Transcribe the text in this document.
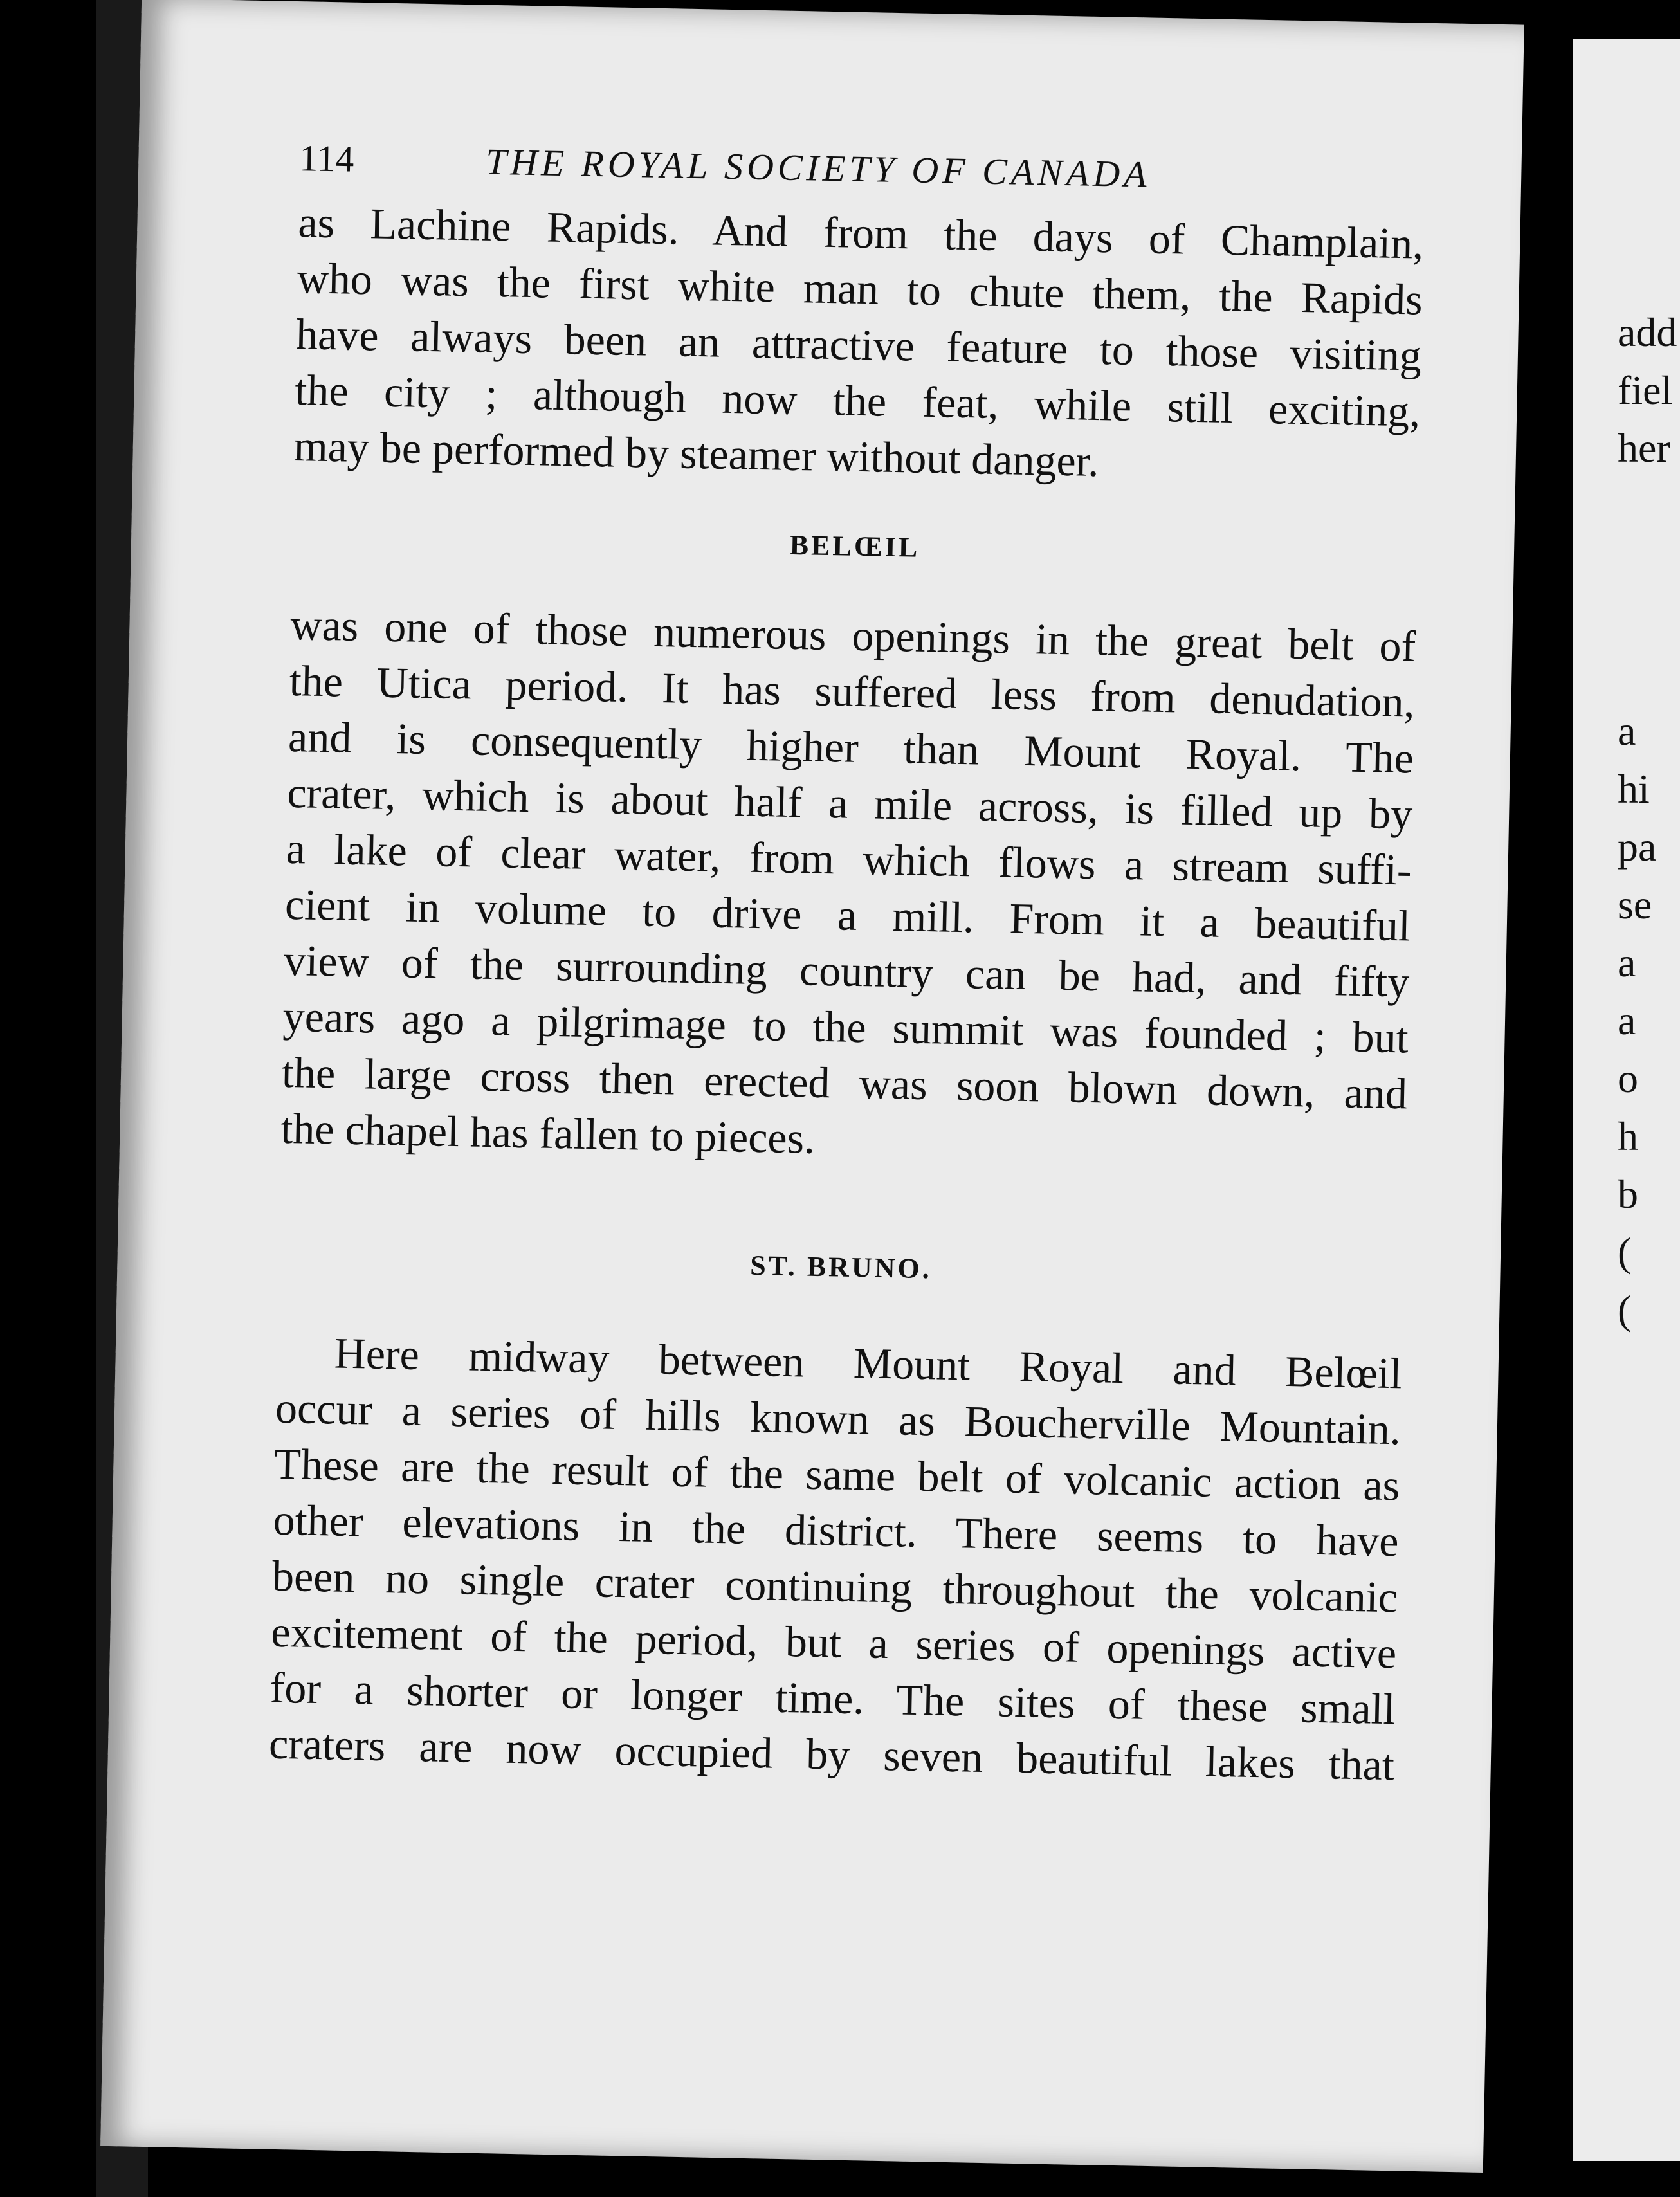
114	THE ROYAL SOCIETY OF CANADA

as Lachine Rapids. And from the days of Champlain,

who was the first white man to chute them, the Rapids

have always been an attractive feature to those visiting

the city ; although now the feat, while still exciting,

may be performed by steamer without danger.

BELŒIL

was one of those numerous openings in the great belt of

the Utica period. It has suffered less from denudation,

and is consequently higher than Mount Royal. The

crater, which is about half a mile across, is filled up by

a lake of clear water, from which flows a stream suffi-

cient in volume to drive a mill. From it a beautiful

view of the surrounding country can be had, and fifty

years ago a pilgrimage to the summit was founded ; but

the large cross then erected was soon blown down, and

the chapel has fallen to pieces.

ST. BRUNO.

Here midway between Mount Royal and Belœil

occur a series of hills known as Boucherville Mountain.

These are the result of the same belt of volcanic action as

other elevations in the district. There seems to have

been no single crater continuing throughout the volcanic

excitement of the period, but a series of openings active

for a shorter or longer time. The sites of these small

craters are now occupied by seven beautiful lakes that

add
fiel
her
a
hi
pa
se
a
a
o
h
b
(
(
